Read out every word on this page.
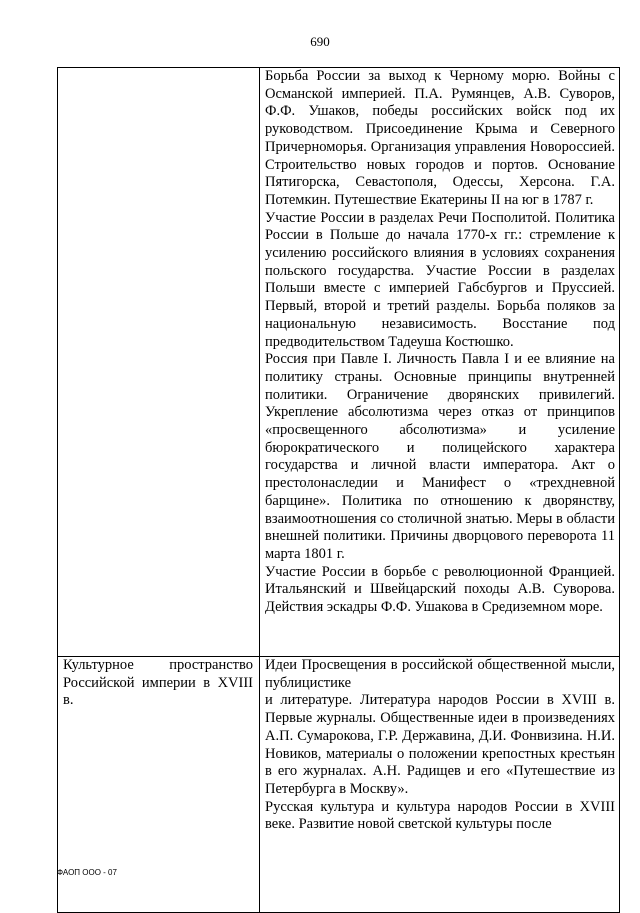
690

	Борьба России за выход к Черному морю. Войны с Османской империей. П.А. Румянцев, А.В. Суворов, Ф.Ф. Ушаков, победы российских войск под их руководством. Присоединение Крыма и Северного Причерноморья. Организация управления Новороссией. Строительство новых городов и портов. Основание Пятигорска, Севастополя, Одессы, Херсона. Г.А. Потемкин. Путешествие Екатерины II на юг в 1787 г.

Участие России в разделах Речи Посполитой. Политика России в Польше до начала 1770-х гг.: стремление к усилению российского влияния в условиях сохранения польского государства. Участие России в разделах Польши вместе с империей Габсбургов и Пруссией. Первый, второй и третий разделы. Борьба поляков за национальную независимость. Восстание под предводительством Тадеуша Костюшко.

Россия при Павле I. Личность Павла I и ее влияние на политику страны. Основные принципы внутренней политики. Ограничение дворянских привилегий. Укрепление абсолютизма через отказ от принципов «просвещенного абсолютизма» и усиление бюрократического и полицейского характера государства и личной власти императора. Акт о престолонаследии и Манифест о «трехдневной барщине». Политика по отношению к дворянству, взаимоотношения со столичной знатью. Меры в области внешней политики. Причины дворцового переворота 11 марта 1801 г.

Участие России в борьбе с революционной Францией. Итальянский и Швейцарский походы А.В. Суворова. Действия эскадры Ф.Ф. Ушакова в Средиземном море.

Культурное пространство Российской империи в XVIII в.	Идеи Просвещения в российской общественной мысли, публицистике

и литературе. Литература народов России в XVIII в. Первые журналы. Общественные идеи в произведениях А.П. Сумарокова, Г.Р. Державина, Д.И. Фонвизина. Н.И. Новиков, материалы о положении крепостных крестьян в его журналах. А.Н. Радищев и его «Путешествие из Петербурга в Москву».

Русская культура и культура народов России в XVIII веке. Развитие новой светской культуры после

ФАОП ООО - 07
